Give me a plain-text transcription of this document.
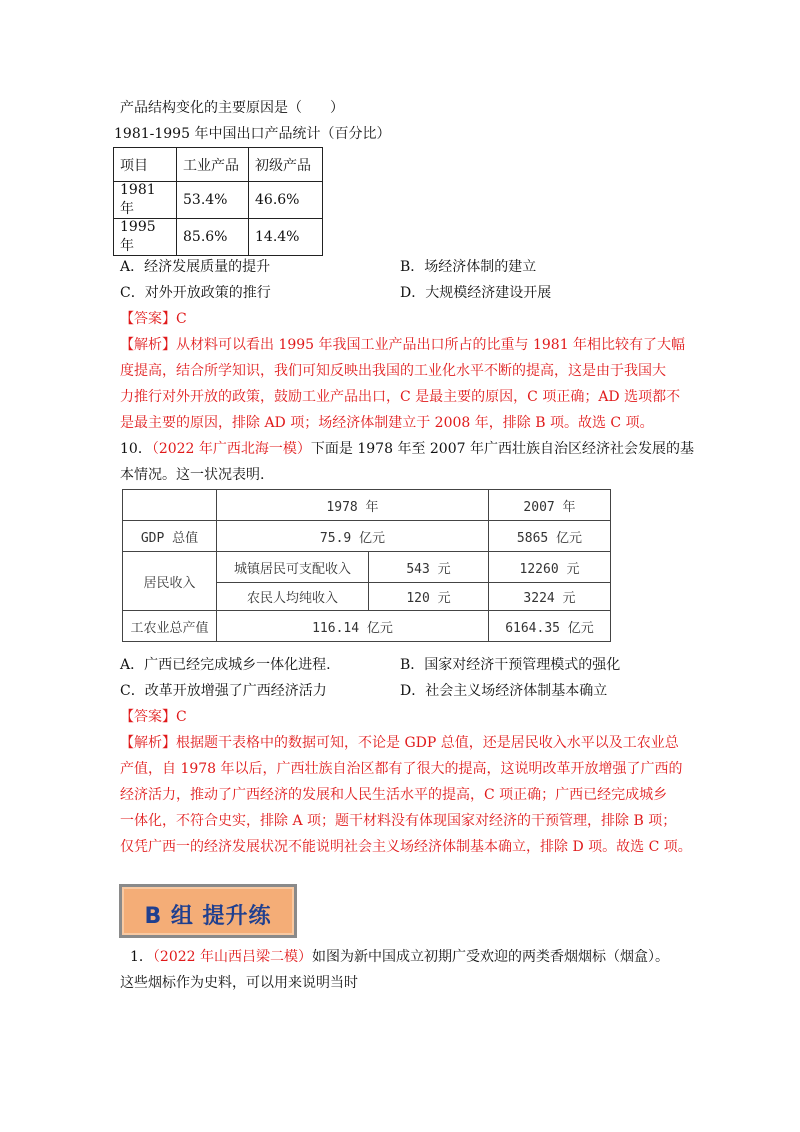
产品结构变化的主要原因是（　　）
1981-1995 年中国出口产品统计（百分比）
项目	工业产品	初级产品
1981 年	53.4%	46.6%
1995 年	85.6%	14.4%
A．经济发展质量的提升	B．场经济体制的建立
C．对外开放政策的推行	D．大规模经济建设开展
【答案】C
【解析】从材料可以看出 1995 年我国工业产品出口所占的比重与 1981 年相比较有了大幅
度提高，结合所学知识，我们可知反映出我国的工业化水平不断的提高，这是由于我国大
力推行对外开放的政策，鼓励工业产品出口，C 是最主要的原因，C 项正确；AD 选项都不
是最主要的原因，排除 AD 项；场经济体制建立于 2008 年，排除 B 项。故选 C 项。
10．（2022 年广西北海一模）下面是 1978 年至 2007 年广西壮族自治区经济社会发展的基
本情况。这一状况表明.
	1978 年		2007 年
GDP 总值	75.9 亿元		5865 亿元
居民收入	城镇居民可支配收入	543 元	12260 元
	农民人均纯收入	120 元	3224 元
工农业总产值	116.14 亿元		6164.35 亿元
A．广西已经完成城乡一体化进程.	B．国家对经济干预管理模式的强化
C．改革开放增强了广西经济活力	D．社会主义场经济体制基本确立
【答案】C
【解析】根据题干表格中的数据可知，不论是 GDP 总值，还是居民收入水平以及工农业总
产值，自 1978 年以后，广西壮族自治区都有了很大的提高，这说明改革开放增强了广西的
经济活力，推动了广西经济的发展和人民生活水平的提高，C 项正确；广西已经完成城乡
一体化，不符合史实，排除 A 项；题干材料没有体现国家对经济的干预管理，排除 B 项；
仅凭广西一的经济发展状况不能说明社会主义场经济体制基本确立，排除 D 项。故选 C 项。
B 组 提升练
1．（2022 年山西吕梁二模）如图为新中国成立初期广受欢迎的两类香烟烟标（烟盒）。
这些烟标作为史料，可以用来说明当时
